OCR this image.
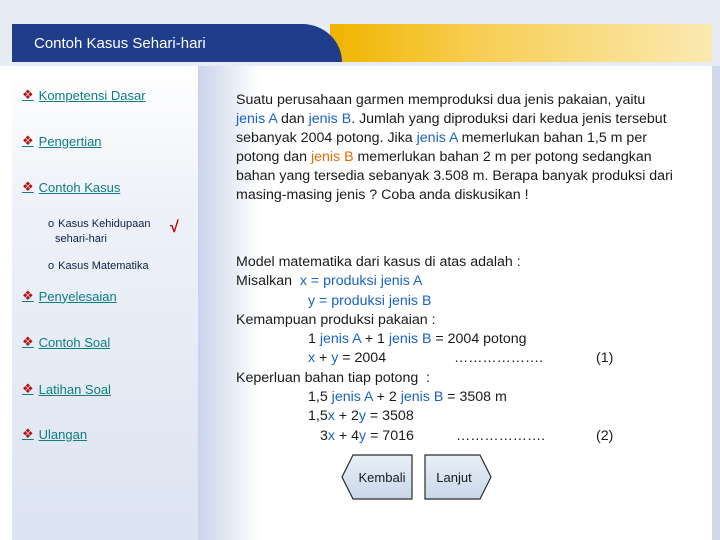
Contoh Kasus Sehari-hari
❖ Kompetensi Dasar
❖ Pengertian
❖ Contoh Kasus
o Kasus Kehidupaan
sehari-hari
√
o Kasus Matematika
❖ Penyelesaian
❖ Contoh Soal
❖ Latihan Soal
❖ Ulangan
Suatu perusahaan garmen memproduksi dua jenis pakaian, yaitu jenis A dan jenis B. Jumlah yang diproduksi dari kedua jenis tersebut sebanyak 2004 potong. Jika jenis A memerlukan bahan 1,5 m per potong dan jenis B memerlukan bahan 2 m per potong sedangkan bahan yang tersedia sebanyak 3.508 m. Berapa banyak produksi dari masing-masing jenis ? Coba anda diskusikan !
Model matematika dari kasus di atas adalah :
Misalkan  x = produksi jenis A
y = produksi jenis B
Kemampuan produksi pakaian :
1 jenis A + 1 jenis B = 2004 potong
x + y = 2004	……………….	(1)
Keperluan bahan tiap potong  :
1,5 jenis A + 2 jenis B = 3508 m
1,5x + 2y = 3508
3x + 4y = 7016	……………….	(2)
Kembali Lanjut
